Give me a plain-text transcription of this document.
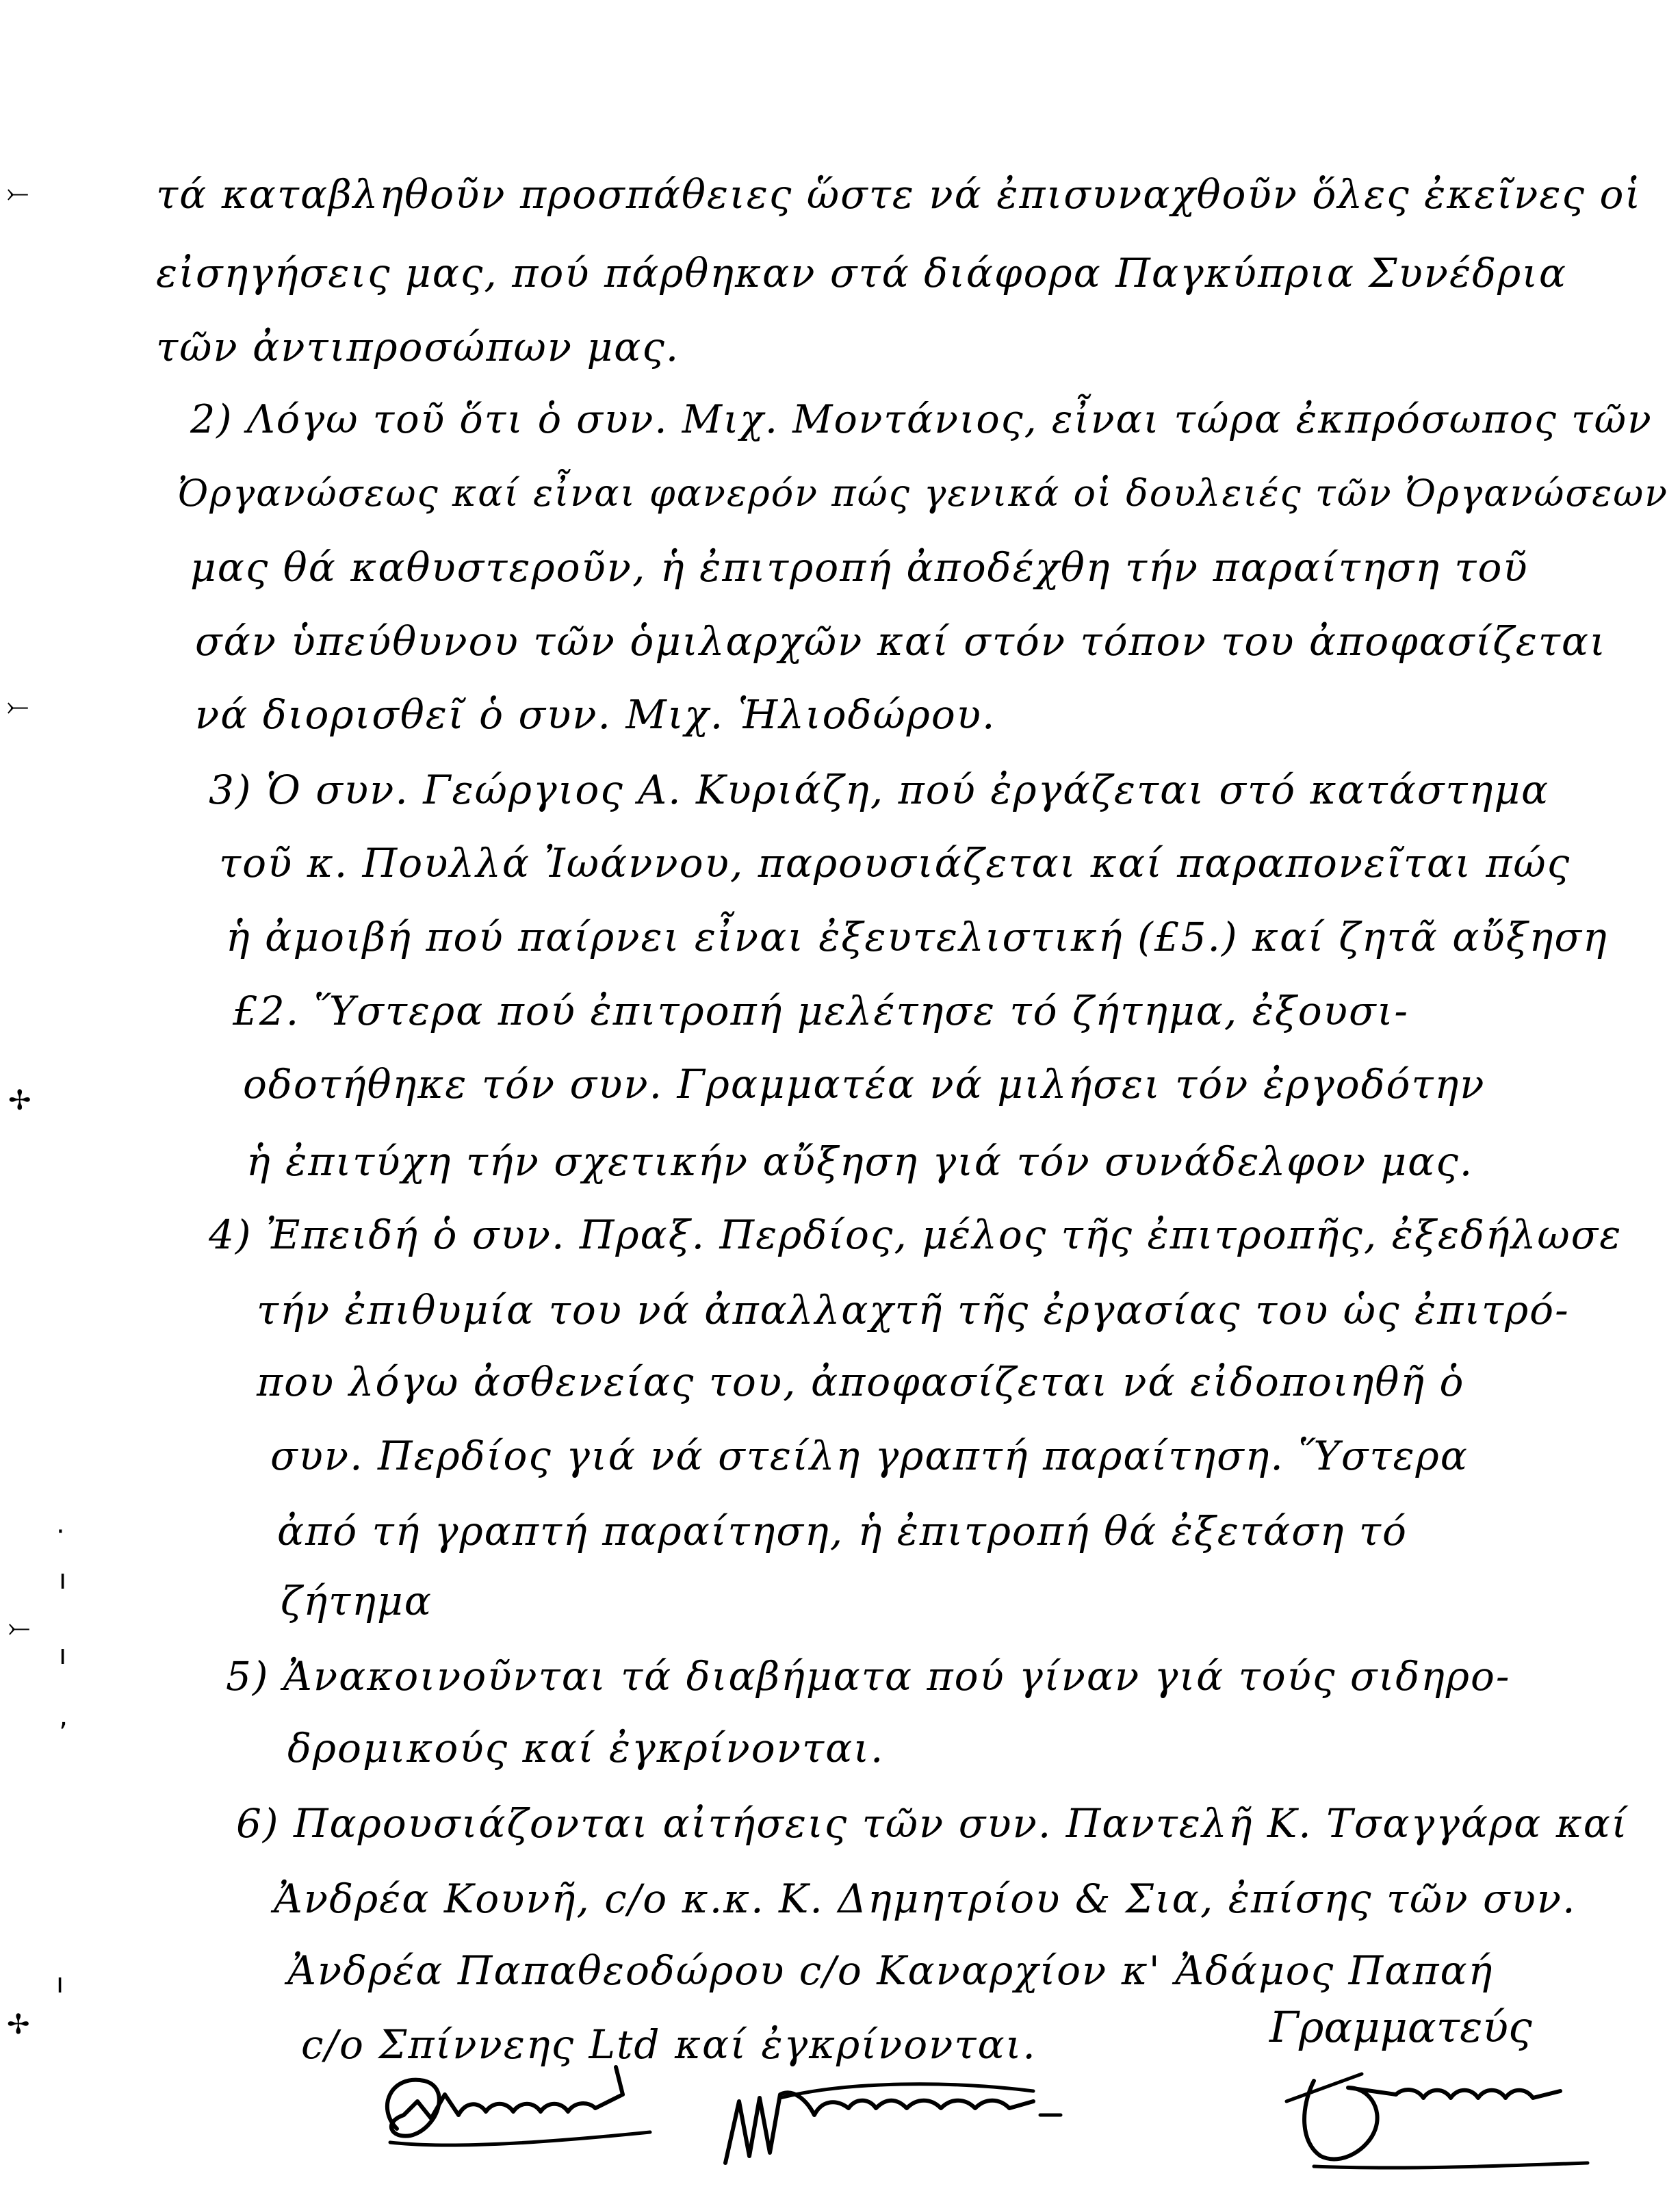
⤚
⤚
✢
·
ı
⤚
ı
‚
ı
✢
τά καταβληθοῦν προσπάθειες ὥστε νά ἐπισυναχθοῦν ὅλες ἐκεῖνες οἱ
εἰσηγήσεις μας, πού πάρθηκαν στά διάφορα Παγκύπρια Συνέδρια
τῶν ἀντιπροσώπων μας.
2) Λόγω τοῦ ὅτι ὁ συν. Μιχ. Μοντάνιος, εἶναι τώρα ἐκπρόσωπος τῶν
Ὀργανώσεως καί εἶναι φανερόν πώς γενικά οἱ δουλειές τῶν Ὀργανώσεων
μας θά καθυστεροῦν, ἡ ἐπιτροπή ἀποδέχθη τήν παραίτηση τοῦ
σάν ὑπεύθυνου τῶν ὁμιλαρχῶν καί στόν τόπον του ἀποφασίζεται
νά διορισθεῖ ὁ συν. Μιχ. Ἡλιοδώρου.
3) Ὁ συν. Γεώργιος Α. Κυριάζη, πού ἐργάζεται στό κατάστημα
τοῦ κ. Πουλλά Ἰωάννου, παρουσιάζεται καί παραπονεῖται πώς
ἡ ἀμοιβή πού παίρνει εἶναι ἐξευτελιστική (£5.) καί ζητᾶ αὔξηση
£2. Ὕστερα πού ἐπιτροπή μελέτησε τό ζήτημα, ἐξουσι-
οδοτήθηκε τόν συν. Γραμματέα νά μιλήσει τόν ἐργοδότην
ἡ ἐπιτύχη τήν σχετικήν αὔξηση γιά τόν συνάδελφον μας.
4) Ἐπειδή ὁ συν. Πραξ. Περδίος, μέλος τῆς ἐπιτροπῆς, ἐξεδήλωσε
τήν ἐπιθυμία του νά ἀπαλλαχτῆ τῆς ἐργασίας του ὡς ἐπιτρό-
που λόγω ἀσθενείας του, ἀποφασίζεται νά εἰδοποιηθῆ ὁ
συν. Περδίος γιά νά στείλη γραπτή παραίτηση. Ὕστερα
ἀπό τή γραπτή παραίτηση, ἡ ἐπιτροπή θά ἐξετάση τό
ζήτημα
5) Ἀνακοινοῦνται τά διαβήματα πού γίναν γιά τούς σιδηρο-
δρομικούς καί ἐγκρίνονται.
6) Παρουσιάζονται αἰτήσεις τῶν συν. Παντελῆ Κ. Τσαγγάρα καί
Ἀνδρέα Κουνῆ, c/o κ.κ. Κ. Δημητρίου & Σια, ἐπίσης τῶν συν.
Ἀνδρέα Παπαθεοδώρου c/o Καναρχίον κ' Ἀδάμος Παπαή
c/o Σπίννεης Ltd καί ἐγκρίνονται.	Γραμματεύς
